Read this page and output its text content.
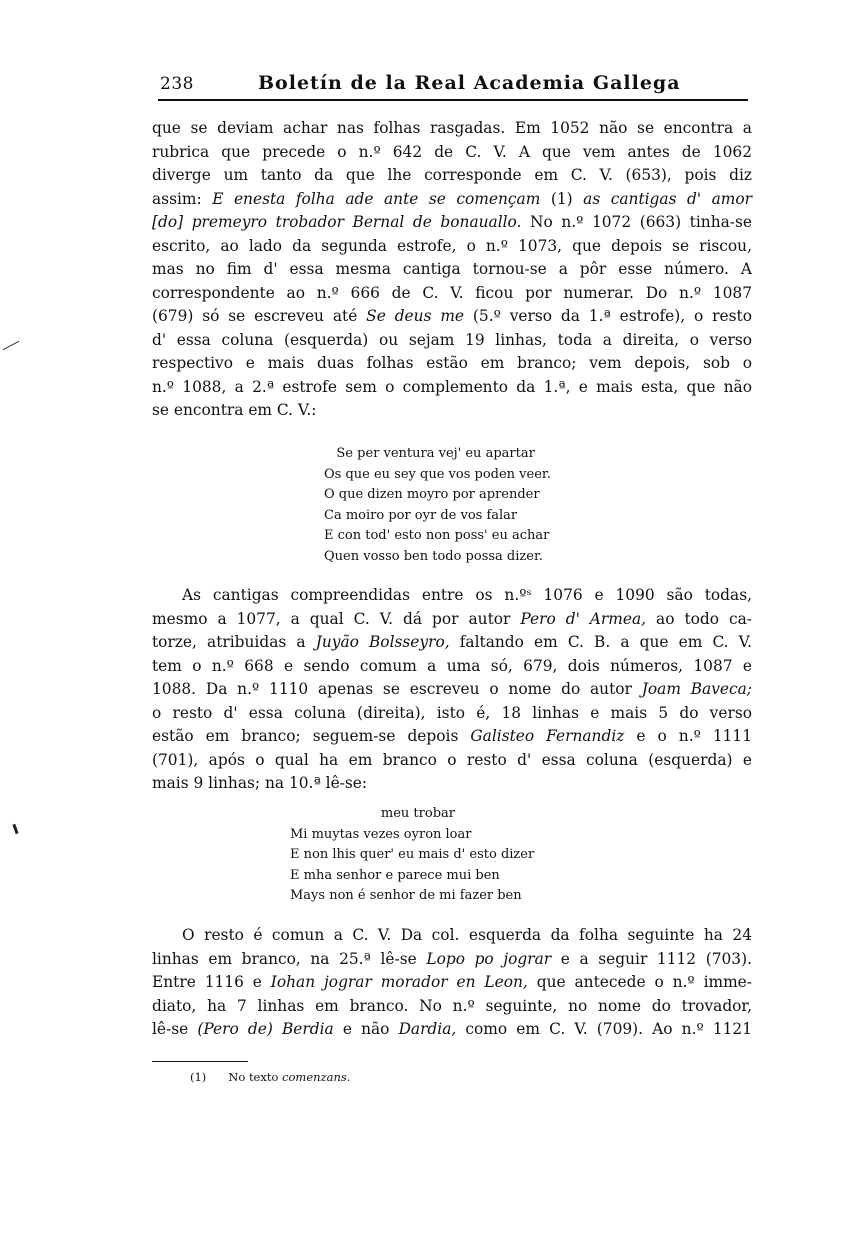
238	Boletín de la Real Academia Gallega
que se deviam achar nas folhas rasgadas. Em 1052 não se encontra a
rubrica que precede o n.º 642 de C. V. A que vem antes de 1062
diverge um tanto da que lhe corresponde em C. V. (653), pois diz
assim: E enesta folha ade ante se començam (1) as cantigas d' amor
[do] premeyro trobador Bernal de bonauallo. No n.º 1072 (663) tinha-se
escrito, ao lado da segunda estrofe, o n.º 1073, que depois se riscou,
mas no fim d' essa mesma cantiga tornou-se a pôr esse número. A
correspondente ao n.º 666 de C. V. ficou por numerar. Do n.º 1087
(679) só se escreveu até Se deus me (5.º verso da 1.ª estrofe), o resto
d' essa coluna (esquerda) ou sejam 19 linhas, toda a direita, o verso
respectivo e mais duas folhas estão em branco; vem depois, sob o
n.º 1088, a 2.ª estrofe sem o complemento da 1.ª, e mais esta, que não
se encontra em C. V.:
Se per ventura vej' eu apartar
Os que eu sey que vos poden veer.
O que dizen moyro por aprender
Ca moiro por oyr de vos falar
E con tod' esto non poss' eu achar
Quen vosso ben todo possa dizer.
As cantigas compreendidas entre os n.ºˢ 1076 e 1090 são todas,
mesmo a 1077, a qual C. V. dá por autor Pero d' Armea, ao todo ca-
torze, atribuidas a Juyão Bolsseyro, faltando em C. B. a que em C. V.
tem o n.º 668 e sendo comum a uma só, 679, dois números, 1087 e
1088. Da n.º 1110 apenas se escreveu o nome do autor Joam Baveca;
o resto d' essa coluna (direita), isto é, 18 linhas e mais 5 do verso
estão em branco; seguem-se depois Galisteo Fernandiz e o n.º 1111
(701), após o qual ha em branco o resto d' essa coluna (esquerda) e
mais 9 linhas; na 10.ª lê-se:
meu trobar
Mi muytas vezes oyron loar
E non lhis quer' eu mais d' esto dizer
E mha senhor e parece mui ben
Mays non é senhor de mi fazer ben
O resto é comun a C. V. Da col. esquerda da folha seguinte ha 24
linhas em branco, na 25.ª lê-se Lopo po jograr e a seguir 1112 (703).
Entre 1116 e Iohan jograr morador en Leon, que antecede o n.º imme-
diato, ha 7 linhas em branco. No n.º seguinte, no nome do trovador,
lê-se (Pero de) Berdia e não Dardia, como em C. V. (709). Ao n.º 1121
(1) No texto comenzans.
